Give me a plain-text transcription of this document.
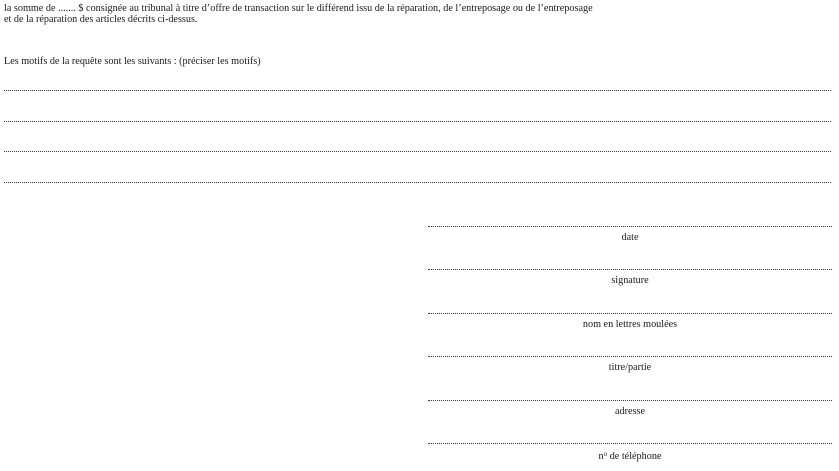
la somme de ....... $ consignée au tribunal à titre d’offre de transaction sur le différend issu de la réparation, de l’entreposage ou de l’entreposage
et de la réparation des articles décrits ci-dessus.
Les motifs de la requête sont les suivants : (préciser les motifs)
date
signature
nom en lettres moulées
titre/partie
adresse
$n^o$ de téléphone
